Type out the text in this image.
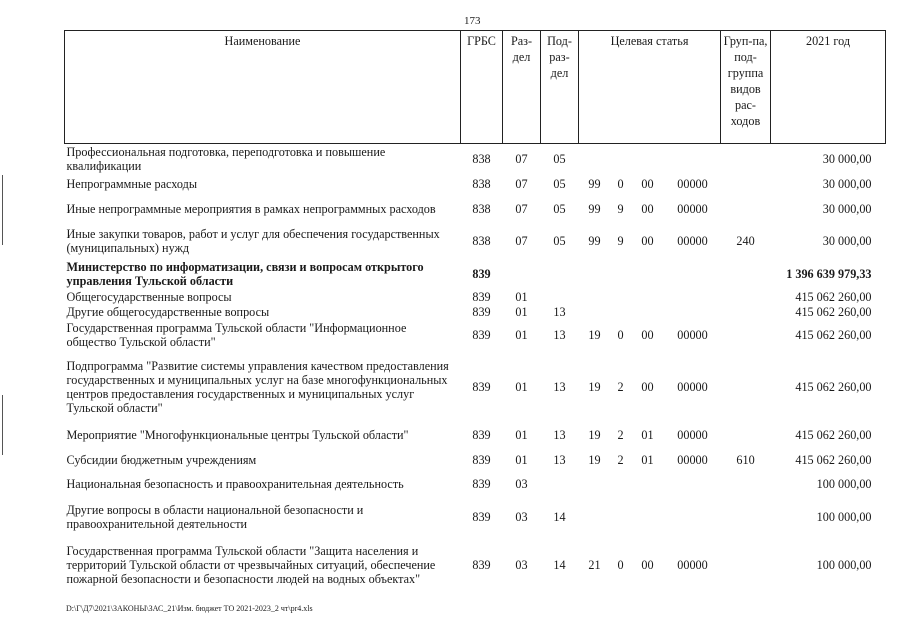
173
Наименование	ГРБС	Раз-дел	Под-раз-дел	Целевая статья				Груп-па, под-группа видов рас-ходов	2021 год
Профессиональная подготовка, переподготовка и повышение квалификации	838	07	05						30 000,00
Непрограммные расходы	838	07	05	99	0	00	00000		30 000,00
Иные непрограммные мероприятия в рамках непрограммных расходов	838	07	05	99	9	00	00000		30 000,00
Иные закупки товаров, работ и услуг для обеспечения государственных (муниципальных) нужд	838	07	05	99	9	00	00000	240	30 000,00
Министерство по информатизации, связи и вопросам открытого управления Тульской области	839								1 396 639 979,33
Общегосударственные вопросы	839	01							415 062 260,00
Другие общегосударственные вопросы	839	01	13						415 062 260,00
Государственная программа Тульской области "Информационное общество Тульской области"	839	01	13	19	0	00	00000		415 062 260,00
Подпрограмма "Развитие системы управления качеством предоставления государственных и муниципальных услуг на базе многофункциональных центров предоставления государственных и муниципальных услуг Тульской области"	839	01	13	19	2	00	00000		415 062 260,00
Мероприятие "Многофункциональные центры Тульской области"	839	01	13	19	2	01	00000		415 062 260,00
Субсидии бюджетным учреждениям	839	01	13	19	2	01	00000	610	415 062 260,00
Национальная безопасность и правоохранительная деятельность	839	03							100 000,00
Другие вопросы в области национальной безопасности и правоохранительной деятельности	839	03	14						100 000,00
Государственная программа Тульской области "Защита населения и территорий Тульской области от чрезвычайных ситуаций, обеспечение пожарной безопасности и безопасности людей на водных объектах"	839	03	14	21	0	00	00000		100 000,00
D:\Г\Д7\2021\ЗАКОНЫ\ЗАС_21\Изм. бюджет ТО 2021-2023_2 чт\pr4.xls
